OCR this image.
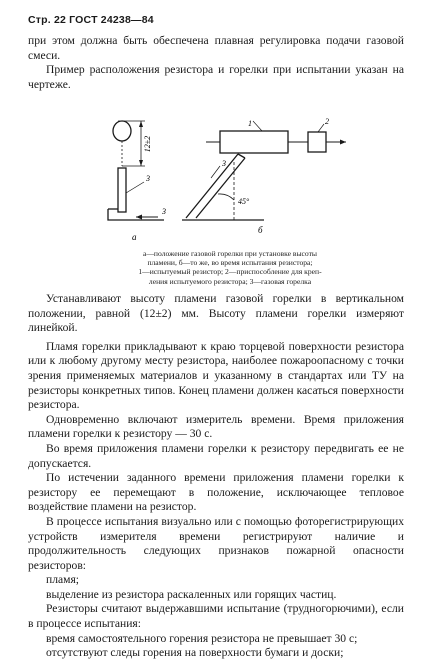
Стр. 22 ГОСТ 24238—84

при этом должна быть обеспечена плавная регулировка подачи газовой смеси.

Пример расположения резистора и горелки при испытании указан на чертеже.

12±2
3
3
а
1	2
3
45°
б
а—положение газовой горелки при установке высоты
пламени, б—то же, во время испытания резистора;
1—испытуемый резистор; 2—приспособление для креп-
ления испытуемого резистора; 3—газовая горелка

Устанавливают высоту пламени газовой горелки в вертикальном положении, равной (12±2) мм. Высоту пламени горелки измеряют линейкой.

Пламя горелки прикладывают к краю торцевой поверхности резистора или к любому другому месту резистора, наиболее пожароопасному с точки зрения применяемых материалов и указанному в стандартах или ТУ на резисторы конкретных типов. Конец пламени должен касаться поверхности резистора.

Одновременно включают измеритель времени. Время приложения пламени горелки к резистору — 30 с.

Во время приложения пламени горелки к резистору передвигать ее не допускается.

По истечении заданного времени приложения пламени горелки к резистору ее перемещают в положение, исключающее тепловое воздействие пламени на резистор.

В процессе испытания визуально или с помощью фоторегистрирующих устройств измерителя времени регистрируют наличие и продолжительность следующих признаков пожарной опасности резисторов:

пламя;

выделение из резистора раскаленных или горящих частиц.

Резисторы считают выдержавшими испытание (трудногорючими), если в процессе испытания:

время самостоятельного горения резистора не превышает 30 с;

отсутствуют следы горения на поверхности бумаги и доски;
